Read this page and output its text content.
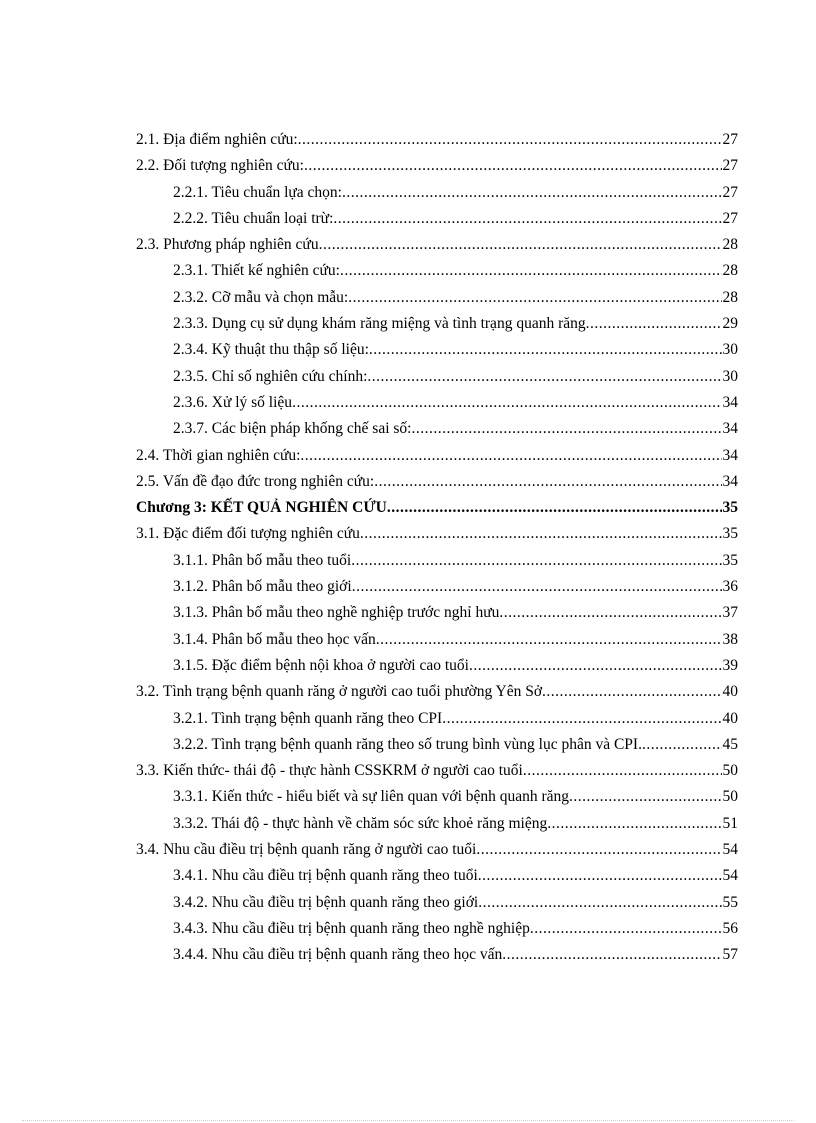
2.1. Địa điểm nghiên cứu: .....	27
2.2. Đối tượng nghiên cứu: .....	27
2.2.1. Tiêu chuẩn lựa chọn: .....	27
2.2.2. Tiêu chuẩn loại trừ: .....	27
2.3. Phương pháp nghiên cứu .....	28
2.3.1. Thiết kế nghiên cứu: .....	28
2.3.2. Cỡ mẫu và chọn mẫu: .....	28
2.3.3. Dụng cụ sử dụng khám răng miệng và tình trạng quanh răng .....	29
2.3.4. Kỹ thuật thu thập số liệu: .....	30
2.3.5. Chỉ số nghiên cứu chính: .....	30
2.3.6. Xử lý số liệu .....	34
2.3.7. Các biện pháp khống chế sai số: .....	34
2.4. Thời gian nghiên cứu: .....	34
2.5. Vấn đề đạo đức trong nghiên cứu: .....	34
Chương 3: KẾT QUẢ NGHIÊN CỨU .....	35
3.1. Đặc điểm đối tượng nghiên cứu .....	35
3.1.1. Phân bố mẫu theo tuổi .....	35
3.1.2. Phân bố mẫu theo giới .....	36
3.1.3. Phân bố mẫu theo nghề nghiệp trước nghỉ hưu .....	37
3.1.4. Phân bố mẫu theo học vấn .....	38
3.1.5. Đặc điểm bệnh nội khoa ở người cao tuổi .....	39
3.2. Tình trạng bệnh quanh răng ở người cao tuổi phường Yên Sở .....	40
3.2.1. Tình trạng bệnh quanh răng theo CPI .....	40
3.2.2. Tình trạng bệnh quanh răng theo số trung bình vùng lục phân và CPI. .....	45
3.3. Kiến thức- thái độ - thực hành CSSKRM ở người cao tuổi .....	50
3.3.1. Kiến thức - hiểu biết và sự liên quan với bệnh quanh răng .....	50
3.3.2. Thái độ - thực hành về chăm sóc sức khoẻ răng miệng .....	51
3.4. Nhu cầu điều trị bệnh quanh răng ở người cao tuổi .....	54
3.4.1. Nhu cầu điều trị bệnh quanh răng theo tuổi .....	54
3.4.2. Nhu cầu điều trị bệnh quanh răng theo giới .....	55
3.4.3. Nhu cầu điều trị bệnh quanh răng theo nghề nghiệp .....	56
3.4.4. Nhu cầu điều trị bệnh quanh răng theo học vấn .....	57
